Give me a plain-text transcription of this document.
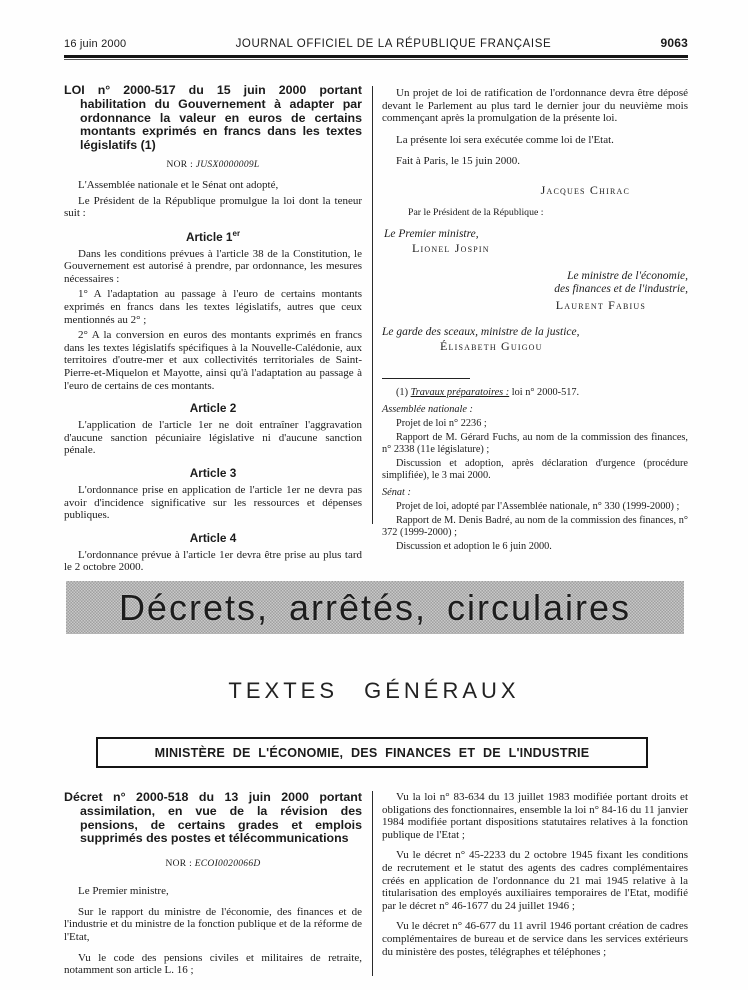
16 juin 2000	JOURNAL OFFICIEL DE LA RÉPUBLIQUE FRANÇAISE	9063

LOI n° 2000-517 du 15 juin 2000 portant habilitation du Gouvernement à adapter par ordonnance la valeur en euros de certains montants exprimés en francs dans les textes législatifs (1)

NOR : JUSX0000009L

L'Assemblée nationale et le Sénat ont adopté,

Le Président de la République promulgue la loi dont la teneur suit :

Article 1er

Dans les conditions prévues à l'article 38 de la Constitution, le Gouvernement est autorisé à prendre, par ordonnance, les mesures nécessaires :

1° A l'adaptation au passage à l'euro de certains montants exprimés en francs dans les textes législatifs, autres que ceux mentionnés au 2° ;

2° A la conversion en euros des montants exprimés en francs dans les textes législatifs spécifiques à la Nouvelle-Calédonie, aux territoires d'outre-mer et aux collectivités territoriales de Saint-Pierre-et-Miquelon et Mayotte, ainsi qu'à l'adaptation au passage à l'euro de certains de ces montants.

Article 2

L'application de l'article 1er ne doit entraîner l'aggravation d'aucune sanction pécuniaire législative ni d'aucune sanction pénale.

Article 3

L'ordonnance prise en application de l'article 1er ne devra pas avoir d'incidence significative sur les ressources et dépenses publiques.

Article 4

L'ordonnance prévue à l'article 1er devra être prise au plus tard le 2 octobre 2000.

Un projet de loi de ratification de l'ordonnance devra être déposé devant le Parlement au plus tard le dernier jour du neuvième mois commençant après la promulgation de la présente loi.

La présente loi sera exécutée comme loi de l'Etat.

Fait à Paris, le 15 juin 2000.

Jacques Chirac

Par le Président de la République :

Le Premier ministre,

Lionel Jospin

Le ministre de l'économie,
des finances et de l'industrie,

Laurent Fabius

Le garde des sceaux, ministre de la justice,

Élisabeth Guigou

(1) Travaux préparatoires : loi n° 2000-517.

Assemblée nationale :

Projet de loi n° 2236 ;

Rapport de M. Gérard Fuchs, au nom de la commission des finances, n° 2338 (11e législature) ;

Discussion et adoption, après déclaration d'urgence (procédure simplifiée), le 3 mai 2000.

Sénat :

Projet de loi, adopté par l'Assemblée nationale, n° 330 (1999-2000) ;

Rapport de M. Denis Badré, au nom de la commission des finances, n° 372 (1999-2000) ;

Discussion et adoption le 6 juin 2000.

Décrets, arrêtés, circulaires
TEXTES GÉNÉRAUX
MINISTÈRE DE L'ÉCONOMIE, DES FINANCES ET DE L'INDUSTRIE

Décret n° 2000-518 du 13 juin 2000 portant assimilation, en vue de la révision des pensions, de certains grades et emplois supprimés des postes et télécommunications

NOR : ECOI0020066D

Le Premier ministre,

Sur le rapport du ministre de l'économie, des finances et de l'industrie et du ministre de la fonction publique et de la réforme de l'Etat,

Vu le code des pensions civiles et militaires de retraite, notamment son article L. 16 ;

Vu la loi n° 83-634 du 13 juillet 1983 modifiée portant droits et obligations des fonctionnaires, ensemble la loi n° 84-16 du 11 janvier 1984 modifiée portant dispositions statutaires relatives à la fonction publique de l'Etat ;

Vu le décret n° 45-2233 du 2 octobre 1945 fixant les conditions de recrutement et le statut des agents des cadres complémentaires créés en application de l'ordonnance du 21 mai 1945 relative à la titularisation des employés auxiliaires temporaires de l'Etat, modifié par le décret n° 46-1677 du 24 juillet 1946 ;

Vu le décret n° 46-677 du 11 avril 1946 portant création de cadres complémentaires de bureau et de service dans les services extérieurs du ministère des postes, télégraphes et téléphones ;
